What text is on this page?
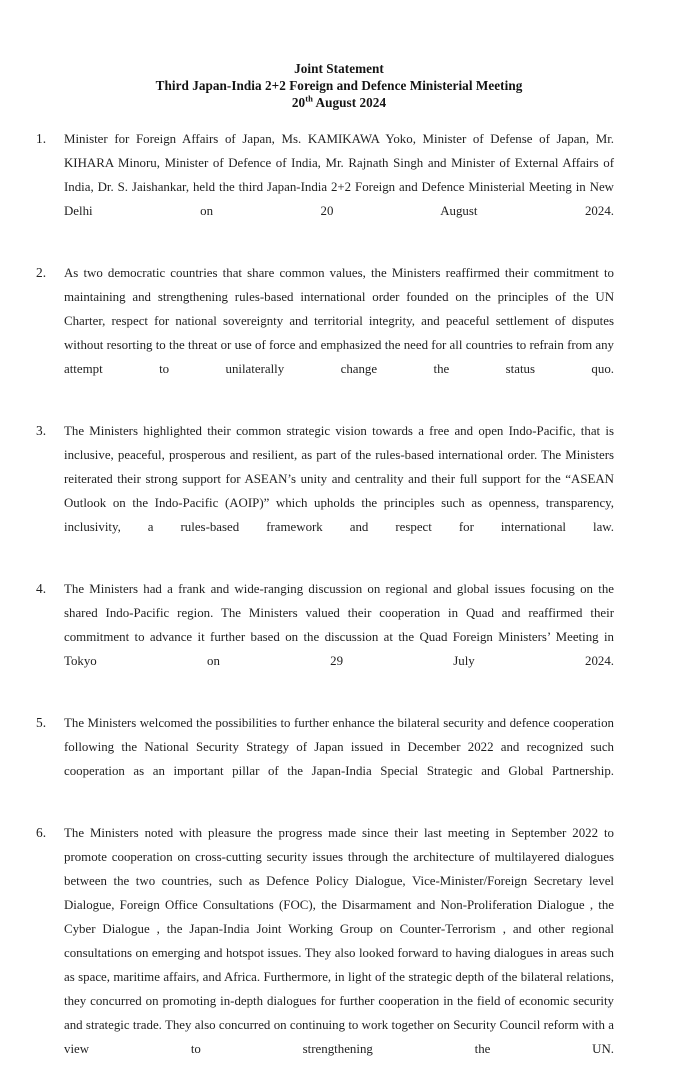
Joint Statement
Third Japan-India 2+2 Foreign and Defence Ministerial Meeting
20th August 2024
1.	Minister for Foreign Affairs of Japan, Ms. KAMIKAWA Yoko, Minister of Defense of Japan, Mr. KIHARA Minoru, Minister of Defence of India, Mr. Rajnath Singh and Minister of External Affairs of India, Dr. S. Jaishankar, held the third Japan-India 2+2 Foreign and Defence Ministerial Meeting in New Delhi on 20 August 2024.
2.	As two democratic countries that share common values, the Ministers reaffirmed their commitment to maintaining and strengthening rules-based international order founded on the principles of the UN Charter, respect for national sovereignty and territorial integrity, and peaceful settlement of disputes without resorting to the threat or use of force and emphasized the need for all countries to refrain from any attempt to unilaterally change the status quo.
3.	The Ministers highlighted their common strategic vision towards a free and open Indo-Pacific, that is inclusive, peaceful, prosperous and resilient, as part of the rules-based international order. The Ministers reiterated their strong support for ASEAN’s unity and centrality and their full support for the “ASEAN Outlook on the Indo-Pacific (AOIP)” which upholds the principles such as openness, transparency, inclusivity, a rules-based framework and respect for international law.
4.	The Ministers had a frank and wide-ranging discussion on regional and global issues focusing on the shared Indo-Pacific region. The Ministers valued their cooperation in Quad and reaffirmed their commitment to advance it further based on the discussion at the Quad Foreign Ministers’ Meeting in Tokyo on 29 July 2024.
5.	The Ministers welcomed the possibilities to further enhance the bilateral security and defence cooperation following the National Security Strategy of Japan issued in December 2022 and recognized such cooperation as an important pillar of the Japan-India Special Strategic and Global Partnership.
6.	The Ministers noted with pleasure the progress made since their last meeting in September 2022 to promote cooperation on cross-cutting security issues through the architecture of multilayered dialogues between the two countries, such as Defence Policy Dialogue, Vice-Minister/Foreign Secretary level Dialogue, Foreign Office Consultations (FOC), the Disarmament and Non-Proliferation Dialogue , the Cyber Dialogue , the Japan-India Joint Working Group on Counter-Terrorism , and other regional consultations on emerging and hotspot issues. They also looked forward to having dialogues in areas such as space, maritime affairs, and Africa. Furthermore, in light of the strategic depth of the bilateral relations, they concurred on promoting in-depth dialogues for further cooperation in the field of economic security and strategic trade. They also concurred on continuing to work together on Security Council reform with a view to strengthening the UN.
